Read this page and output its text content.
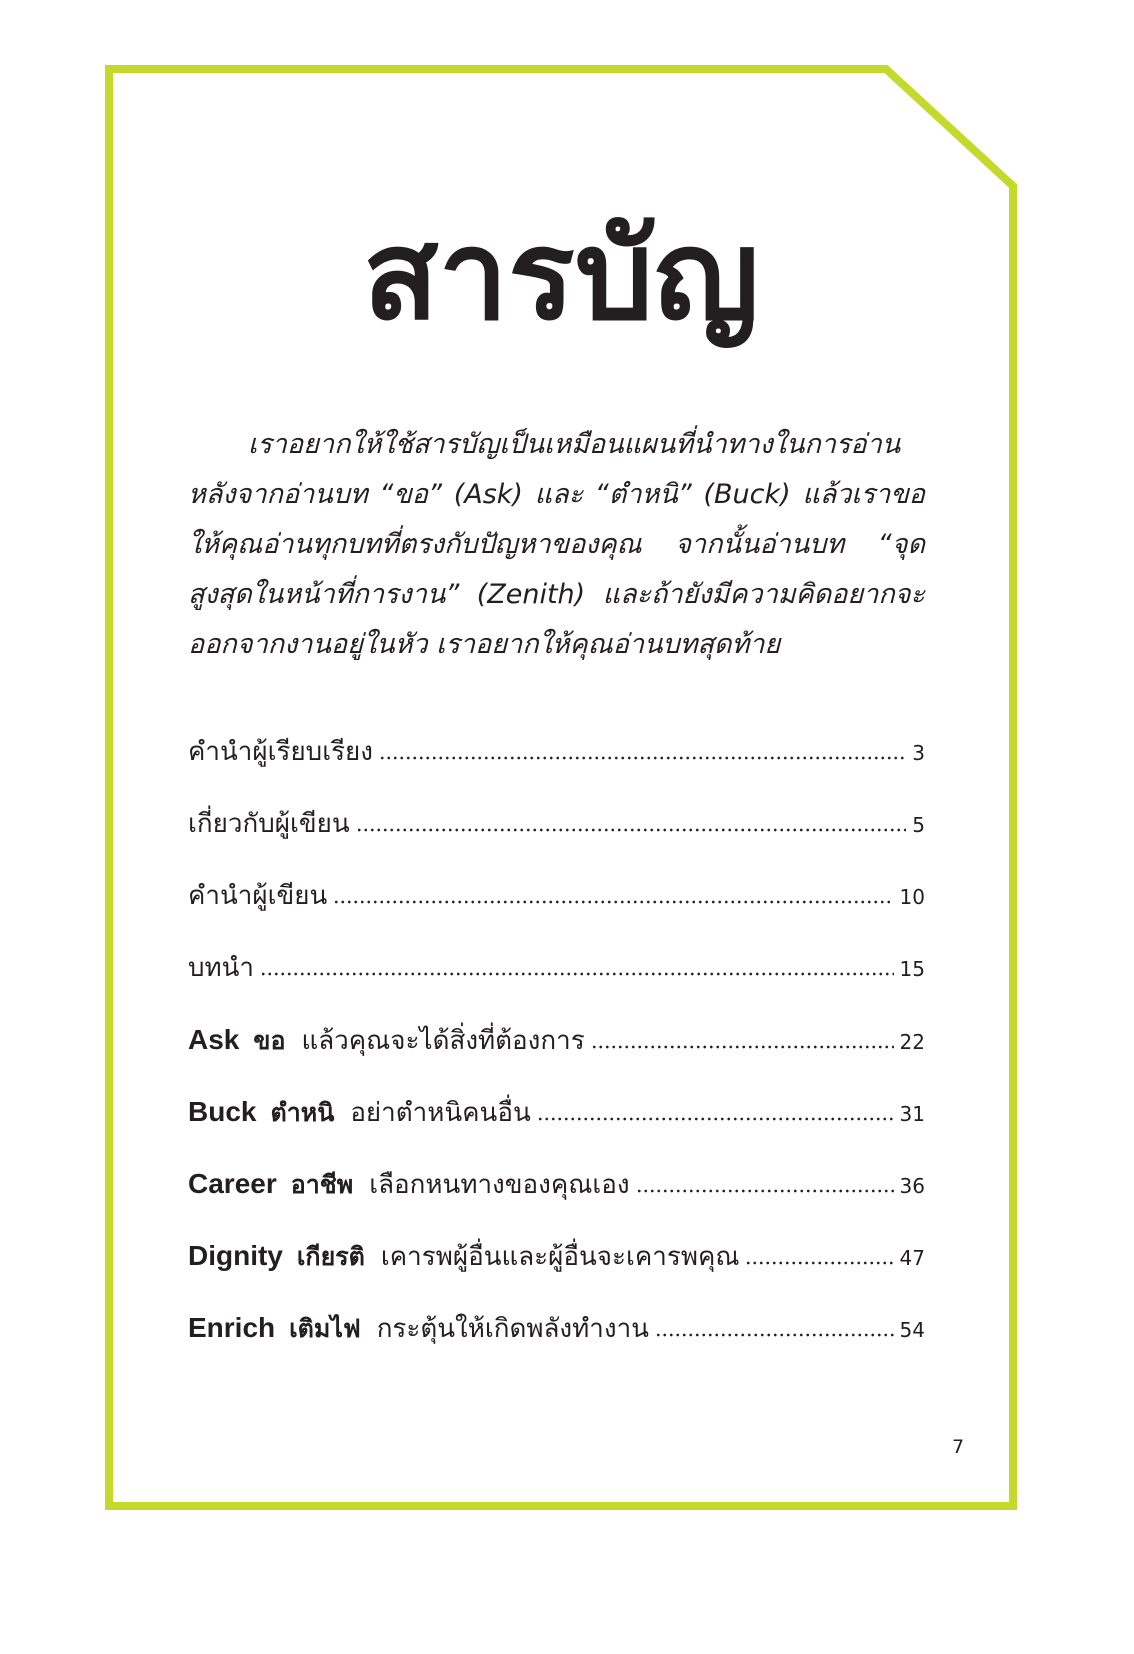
สารบัญ

เราอยากให้ใช้สารบัญเป็นเหมือนแผนที่นำทางในการอ่าน หลังจากอ่านบท “ขอ” (Ask) และ “ตำหนิ” (Buck) แล้วเราขอให้คุณอ่านทุกบทที่ตรงกับปัญหาของคุณ จากนั้นอ่านบท “จุดสูงสุดในหน้าที่การงาน” (Zenith) และถ้ายังมีความคิดอยากจะออกจากงานอยู่ในหัว เราอยากให้คุณอ่านบทสุดท้าย

คำนำผู้เรียบเรียง	3
เกี่ยวกับผู้เขียน	5
คำนำผู้เขียน	10
บทนำ	15
Ask ขอ แล้วคุณจะได้สิ่งที่ต้องการ	22
Buck ตำหนิ อย่าตำหนิคนอื่น	31
Career อาชีพ เลือกหนทางของคุณเอง	36
Dignity เกียรติ เคารพผู้อื่นและผู้อื่นจะเคารพคุณ	47
Enrich เติมไฟ กระตุ้นให้เกิดพลังทำงาน	54
7
